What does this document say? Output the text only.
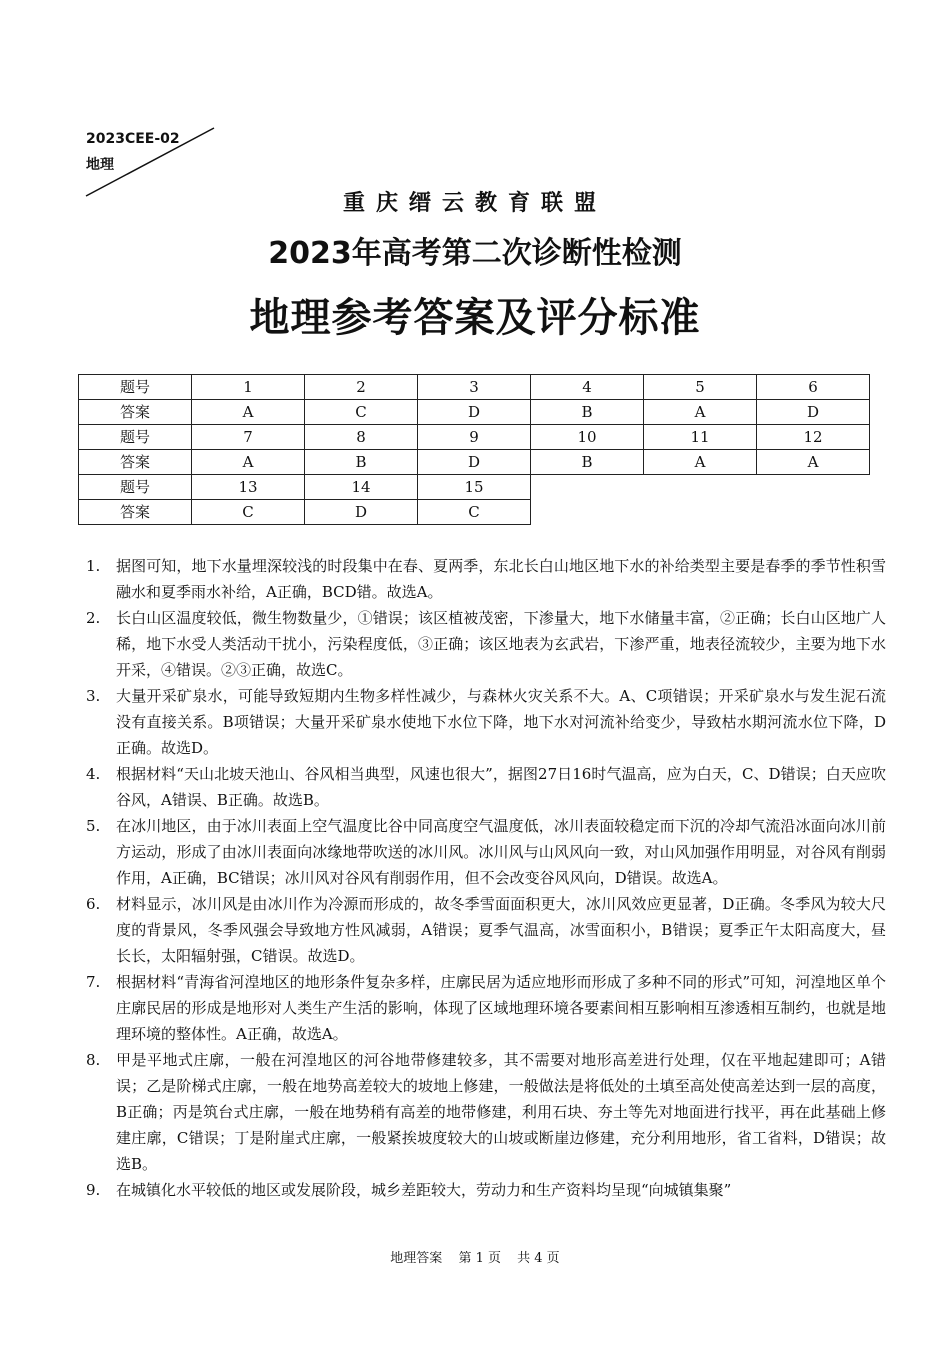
2023CEE-02
地理
重庆缙云教育联盟
2023年高考第二次诊断性检测
地理参考答案及评分标准
题号	1	2	3	4	5	6
答案	A	C	D	B	A	D
题号	7	8	9	10	11	12
答案	A	B	D	B	A	A
题号	13	14	15			
答案	C	D	C			
1. 据图可知，地下水量埋深较浅的时段集中在春、夏两季，东北长白山地区地下水的补给类型主要是春季的季节性积雪融水和夏季雨水补给，A正确，BCD错。故选A。
2. 长白山区温度较低，微生物数量少，①错误；该区植被茂密，下渗量大，地下水储量丰富，②正确；长白山区地广人稀，地下水受人类活动干扰小，污染程度低，③正确；该区地表为玄武岩，下渗严重，地表径流较少，主要为地下水开采，④错误。②③正确，故选C。
3. 大量开采矿泉水，可能导致短期内生物多样性减少，与森林火灾关系不大。A、C项错误；开采矿泉水与发生泥石流没有直接关系。B项错误；大量开采矿泉水使地下水位下降，地下水对河流补给变少，导致枯水期河流水位下降，D正确。故选D。
4. 根据材料“天山北坡天池山、谷风相当典型，风速也很大”，据图27日16时气温高，应为白天，C、D错误；白天应吹谷风，A错误、B正确。故选B。
5. 在冰川地区，由于冰川表面上空气温度比谷中同高度空气温度低，冰川表面较稳定而下沉的冷却气流沿冰面向冰川前方运动，形成了由冰川表面向冰缘地带吹送的冰川风。冰川风与山风风向一致，对山风加强作用明显，对谷风有削弱作用，A正确，BC错误；冰川风对谷风有削弱作用，但不会改变谷风风向，D错误。故选A。
6. 材料显示，冰川风是由冰川作为冷源而形成的，故冬季雪面面积更大，冰川风效应更显著，D正确。冬季风为较大尺度的背景风，冬季风强会导致地方性风减弱，A错误；夏季气温高，冰雪面积小，B错误；夏季正午太阳高度大，昼长长，太阳辐射强，C错误。故选D。
7. 根据材料“青海省河湟地区的地形条件复杂多样，庄廓民居为适应地形而形成了多种不同的形式”可知，河湟地区单个庄廓民居的形成是地形对人类生产生活的影响，体现了区域地理环境各要素间相互影响相互渗透相互制约，也就是地理环境的整体性。A正确，故选A。
8. 甲是平地式庄廓，一般在河湟地区的河谷地带修建较多，其不需要对地形高差进行处理，仅在平地起建即可；A错误；乙是阶梯式庄廓，一般在地势高差较大的坡地上修建，一般做法是将低处的土填至高处使高差达到一层的高度，B正确；丙是筑台式庄廓，一般在地势稍有高差的地带修建，利用石块、夯土等先对地面进行找平，再在此基础上修建庄廓，C错误；丁是附崖式庄廓，一般紧挨坡度较大的山坡或断崖边修建，充分利用地形，省工省料，D错误；故选B。
9. 在城镇化水平较低的地区或发展阶段，城乡差距较大，劳动力和生产资料均呈现“向城镇集聚”
地理答案 第 1 页 共 4 页
